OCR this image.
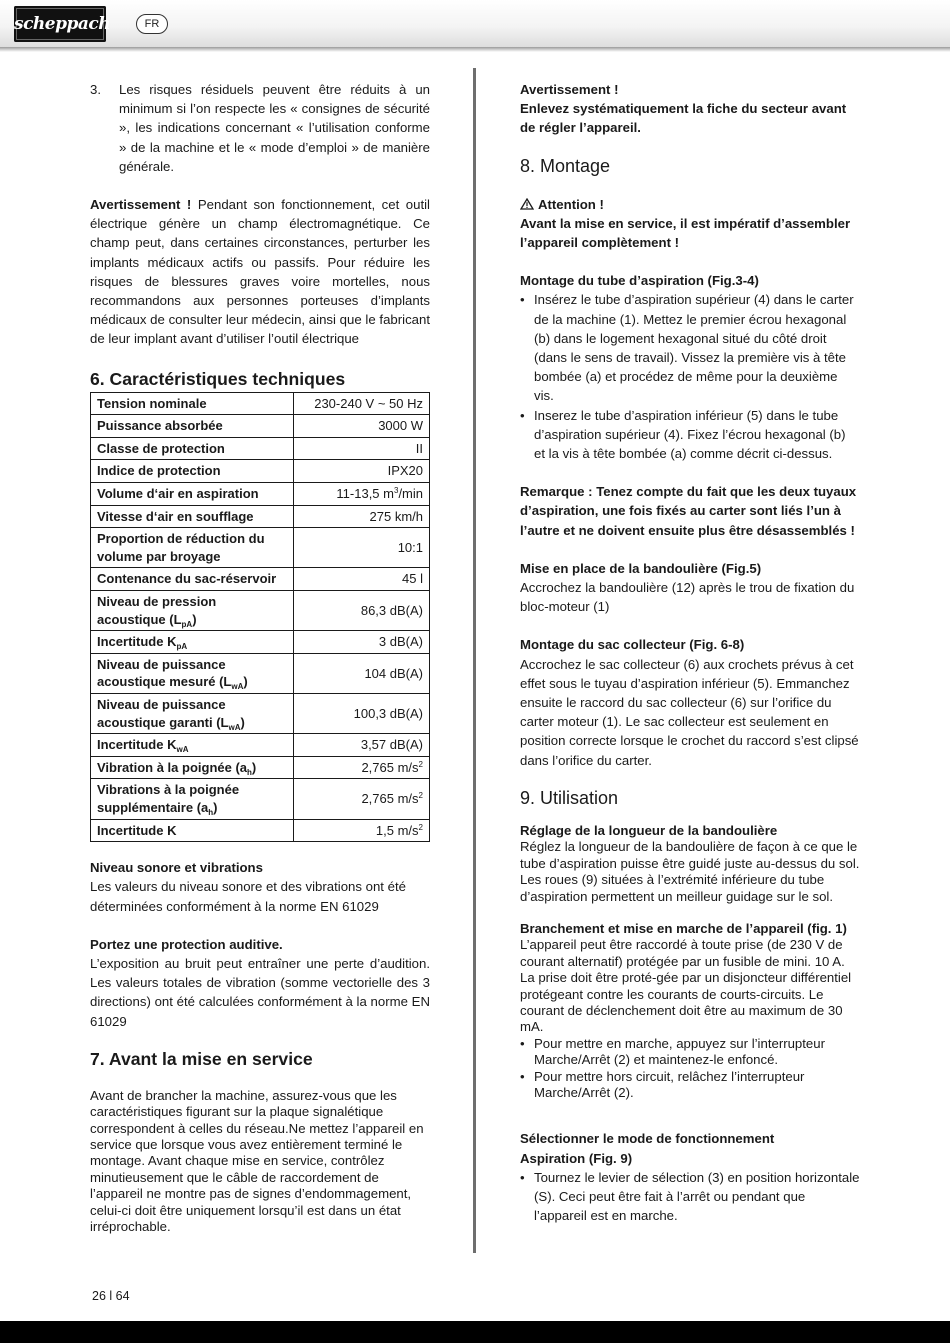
scheppach	FR
3.	Les risques résiduels peuvent être réduits à un minimum si l’on respecte les « consignes de sécurité », les indications concernant « l’utilisation conforme » de la machine et le « mode d’emploi » de manière générale.

Avertissement ! Pendant son fonctionnement, cet outil électrique génère un champ électromagnétique. Ce champ peut, dans certaines circonstances, perturber les implants médicaux actifs ou passifs. Pour réduire les risques de blessures graves voire mortelles, nous recommandons aux personnes porteuses d’implants médicaux de consulter leur médecin, ainsi que le fabricant de leur implant avant d’utiliser l’outil électrique

6. Caractéristiques techniques
Tension nominale	230-240 V ~ 50 Hz
Puissance absorbée	3000 W
Classe de protection	II
Indice de protection	IPX20
Volume d‘air en aspiration	11-13,5 $m^3/\min$
Vitesse d‘air en soufflage	275 km/h
Proportion de réduction du volume par broyage	10:1
Contenance du sac-réservoir	45 l
Niveau de pression acoustique $(L_{pA})$	86,3 dB(A)
Incertitude $K_{pA}$	3 dB(A)
Niveau de puissance acoustique mesuré $(L_{wA})$	104 dB(A)
Niveau de puissance acoustique garanti $(L_{wA})$	100,3 dB(A)
Incertitude $K_{wA}$	3,57 dB(A)
Vibration à la poignée $(a_h)$	2,765 $m/s^2$
Vibrations à la poignée supplémentaire $(a_h)$	2,765 $m/s^2$
Incertitude K	1,5 $m/s^2$

Niveau sonore et vibrations

Les valeurs du niveau sonore et des vibrations ont été déterminées conformément à la norme EN 61029

Portez une protection auditive.

L’exposition au bruit peut entraîner une perte d’audition. Les valeurs totales de vibration (somme vectorielle des 3 directions) ont été calculées conformément à la norme EN 61029

7. Avant la mise en service

Avant de brancher la machine, assurez-vous que les caractéristiques figurant sur la plaque signalétique correspondent à celles du réseau.Ne mettez l’appareil en service que lorsque vous avez entièrement terminé le montage. Avant chaque mise en service, contrôlez minutieusement que le câble de raccordement de l’appareil ne montre pas de signes d’endommagement, celui-ci doit être uniquement lorsqu’il est dans un état irréprochable.

Avertissement !

Enlevez systématiquement la fiche du secteur avant de régler l’appareil.

8. Montage

Attention !

Avant la mise en service, il est impératif d’assembler l’appareil complètement !

Montage du tube d’aspiration (Fig.3-4)

• Insérez le tube d’aspiration supérieur (4) dans le carter de la machine (1). Mettez le premier écrou hexagonal (b) dans le logement hexagonal situé du côté droit (dans le sens de travail). Vissez la première vis à tête bombée (a) et procédez de même pour la deuxième vis.
• Inserez le tube d’aspiration inférieur (5) dans le tube d’aspiration supérieur (4). Fixez l’écrou hexagonal (b) et la vis à tête bombée (a) comme décrit ci-dessus.

Remarque : Tenez compte du fait que les deux tuyaux d’aspiration, une fois fixés au carter sont liés l’un à l’autre et ne doivent ensuite plus être désassemblés !

Mise en place de la bandoulière (Fig.5)

Accrochez la bandoulière (12) après le trou de fixation du bloc-moteur (1)

Montage du sac collecteur (Fig. 6-8)

Accrochez le sac collecteur (6) aux crochets prévus à cet effet sous le tuyau d’aspiration inférieur (5). Emmanchez ensuite le raccord du sac collecteur (6) sur l’orifice du carter moteur (1). Le sac collecteur est seulement en position correcte lorsque le crochet du raccord s’est clipsé dans l’orifice du carter.

9. Utilisation

Réglage de la longueur de la bandoulière

Réglez la longueur de la bandoulière de façon à ce que le tube d’aspiration puisse être guidé juste au-dessus du sol. Les roues (9) situées à l’extrémité inférieure du tube d’aspiration permettent un meilleur guidage sur le sol.

Branchement et mise en marche de l’appareil (fig. 1)

L’appareil peut être raccordé à toute prise (de 230 V de courant alternatif) protégée par un fusible de mini. 10 A. La prise doit être proté-gée par un disjoncteur différentiel protégeant contre les courants de courts-circuits. Le courant de déclenchement doit être au maximum de 30 mA.

• Pour mettre en marche, appuyez sur l’interrupteur Marche/Arrêt (2) et maintenez-le enfoncé.
• Pour mettre hors circuit, relâchez l’interrupteur Marche/Arrêt (2).

Sélectionner le mode de fonctionnement

Aspiration (Fig. 9)

• Tournez le levier de sélection (3) en position horizontale (S). Ceci peut être fait à l’arrêt ou pendant que l’appareil est en marche.
26 l 64
